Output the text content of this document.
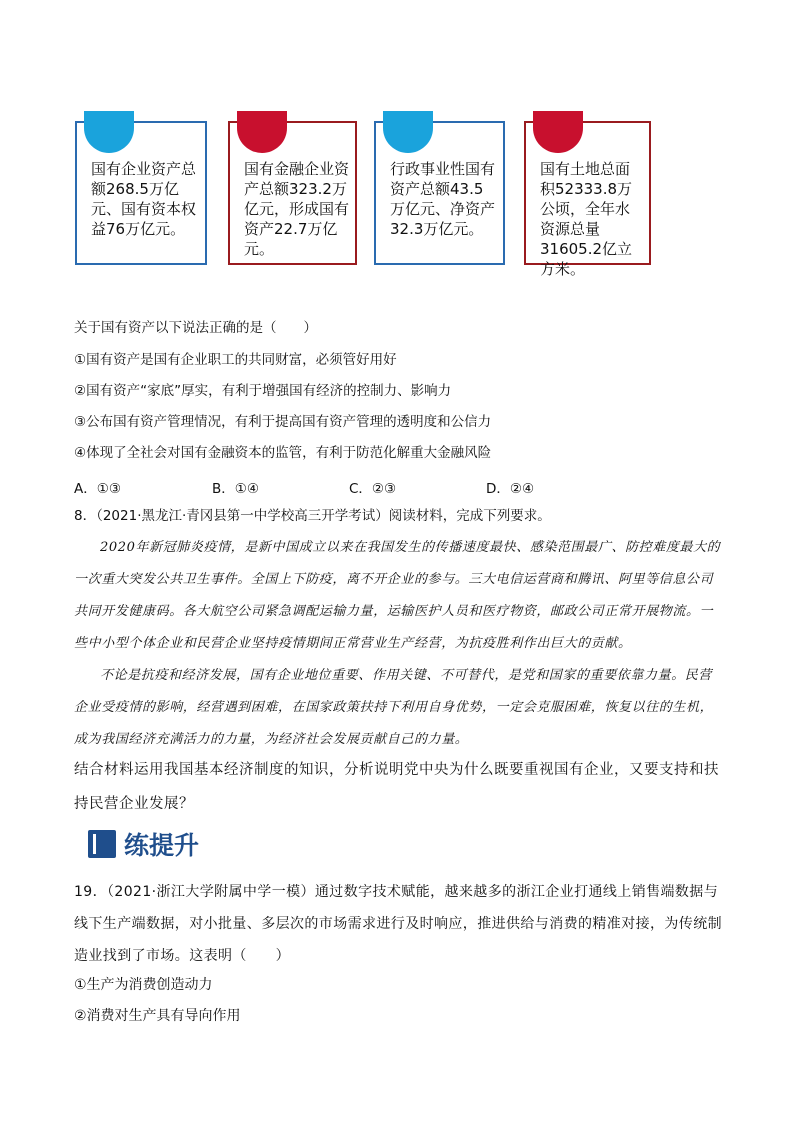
国有企业资产总额268.5万亿元、国有资本权益76万亿元。
国有金融企业资产总额323.2万亿元，形成国有资产22.7万亿元。
行政事业性国有资产总额43.5万亿元、净资产32.3万亿元。
国有土地总面积52333.8万公顷，全年水资源总量31605.2亿立方米。
关于国有资产以下说法正确的是（　　）
①国有资产是国有企业职工的共同财富，必须管好用好
②国有资产“家底”厚实，有利于增强国有经济的控制力、影响力
③公布国有资产管理情况，有利于提高国有资产管理的透明度和公信力
④体现了全社会对国有金融资本的监管，有利于防范化解重大金融风险
A．①③	B．①④	C．②③	D．②④
8．（2021·黑龙江·青冈县第一中学校高三开学考试）阅读材料，完成下列要求。
2020年新冠肺炎疫情，是新中国成立以来在我国发生的传播速度最快、感染范围最广、防控难度最大的一次重大突发公共卫生事件。全国上下防疫，离不开企业的参与。三大电信运营商和腾讯、阿里等信息公司共同开发健康码。各大航空公司紧急调配运输力量，运输医护人员和医疗物资，邮政公司正常开展物流。一些中小型个体企业和民营企业坚持疫情期间正常营业生产经营，为抗疫胜利作出巨大的贡献。
不论是抗疫和经济发展，国有企业地位重要、作用关键、不可替代，是党和国家的重要依靠力量。民营企业受疫情的影响，经营遇到困难，在国家政策扶持下利用自身优势，一定会克服困难，恢复以往的生机，成为我国经济充满活力的力量，为经济社会发展贡献自己的力量。
结合材料运用我国基本经济制度的知识，分析说明党中央为什么既要重视国有企业，又要支持和扶持民营企业发展？
练提升
19．（2021·浙江大学附属中学一模）通过数字技术赋能，越来越多的浙江企业打通线上销售端数据与线下生产端数据，对小批量、多层次的市场需求进行及时响应，推进供给与消费的精准对接，为传统制造业找到了市场。这表明（　　）
①生产为消费创造动力
②消费对生产具有导向作用
